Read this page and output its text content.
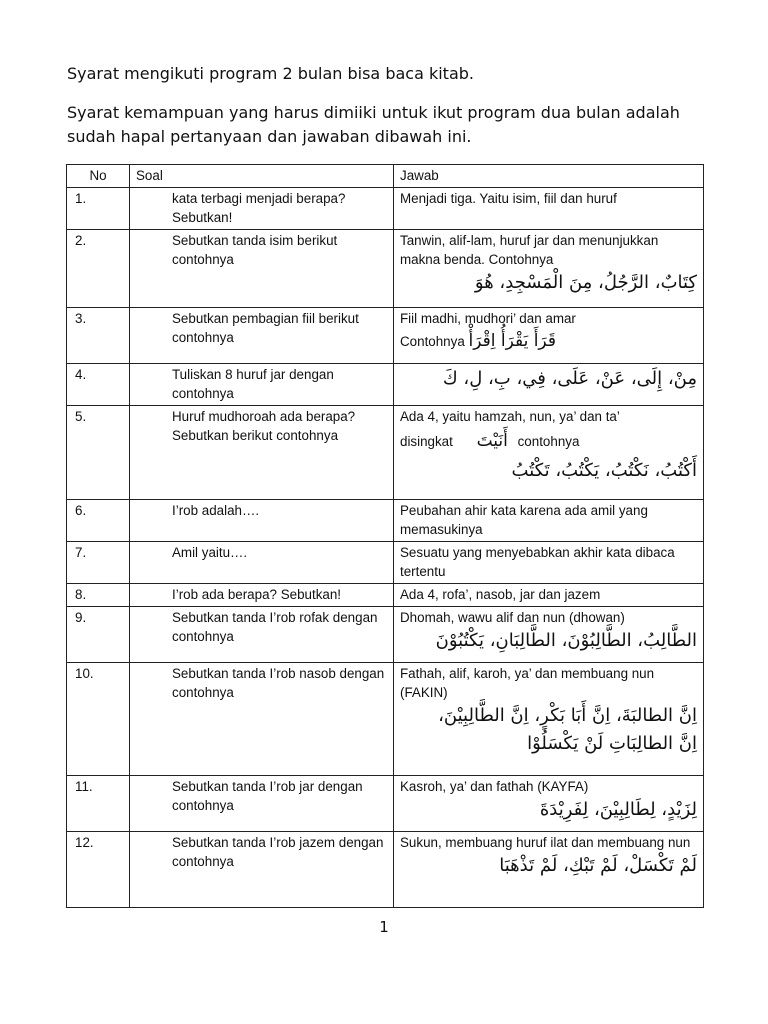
Syarat mengikuti program 2 bulan bisa baca kitab.
Syarat kemampuan yang harus dimiiki untuk ikut program dua bulan adalah sudah hapal pertanyaan dan jawaban dibawah ini.
No	Soal	Jawab
1.	kata terbagi menjadi berapa? Sebutkan!	Menjadi tiga. Yaitu isim, fiil dan huruf
2.	Sebutkan tanda isim berikut contohnya	Tanwin, alif-lam, huruf jar dan menunjukkan makna benda. Contohnya
كِتَابٌ، الرَّجُلُ، مِنَ الْمَسْجِدِ، هُوَ

3.	Sebutkan pembagian fiil berikut contohnya	Fiil madhi, mudhori’ dan amar
Contohnya قَرَأَ يَقْرَأُ اِقْرَأْ

4.	Tuliskan 8 huruf jar dengan contohnya	مِنْ، إِلَى، عَنْ، عَلَى، فِي، بِ، لِ، كَ

5.	Huruf mudhoroah ada berapa? Sebutkan berikut contohnya	Ada 4, yaitu hamzah, nun, ya’ dan ta’
disingkat أَنَيْتَ contohnya
أَكْتُبُ، نَكْتُبُ، يَكْتُبُ، تَكْتُبُ

6.	I’rob adalah….	Peubahan ahir kata karena ada amil yang memasukinya
7.	Amil yaitu….	Sesuatu yang menyebabkan akhir kata dibaca tertentu
8.	I’rob ada berapa? Sebutkan!	Ada 4, rofa’, nasob, jar dan jazem
9.	Sebutkan tanda I’rob rofak dengan contohnya	Dhomah, wawu alif dan nun (dhowan)
الطَّالِبُ، الطَّالِبُوْنَ، الطَّالِبَانِ، يَكْتُبُوْنَ

10.	Sebutkan tanda I’rob nasob dengan contohnya	Fathah, alif, karoh, ya’ dan membuang nun (FAKIN)
اِنَّ الطالبَةَ، اِنَّ أَبَا بَكْرٍ، اِنَّ الطَّالِبِيْنَ،
اِنَّ الطالِبَاتِ لَنْ يَكْسَلُوْا

11.	Sebutkan tanda I’rob jar dengan contohnya	Kasroh, ya’ dan fathah (KAYFA)
لِزَيْدٍ، لِطَالِبِيْنَ، لِفَرِيْدَةَ

12.	Sebutkan tanda I’rob jazem dengan contohnya	Sukun, membuang huruf ilat dan membuang nun
لَمْ تَكْسَلْ، لَمْ تَبْكِ، لَمْ تَذْهَبَا
1
